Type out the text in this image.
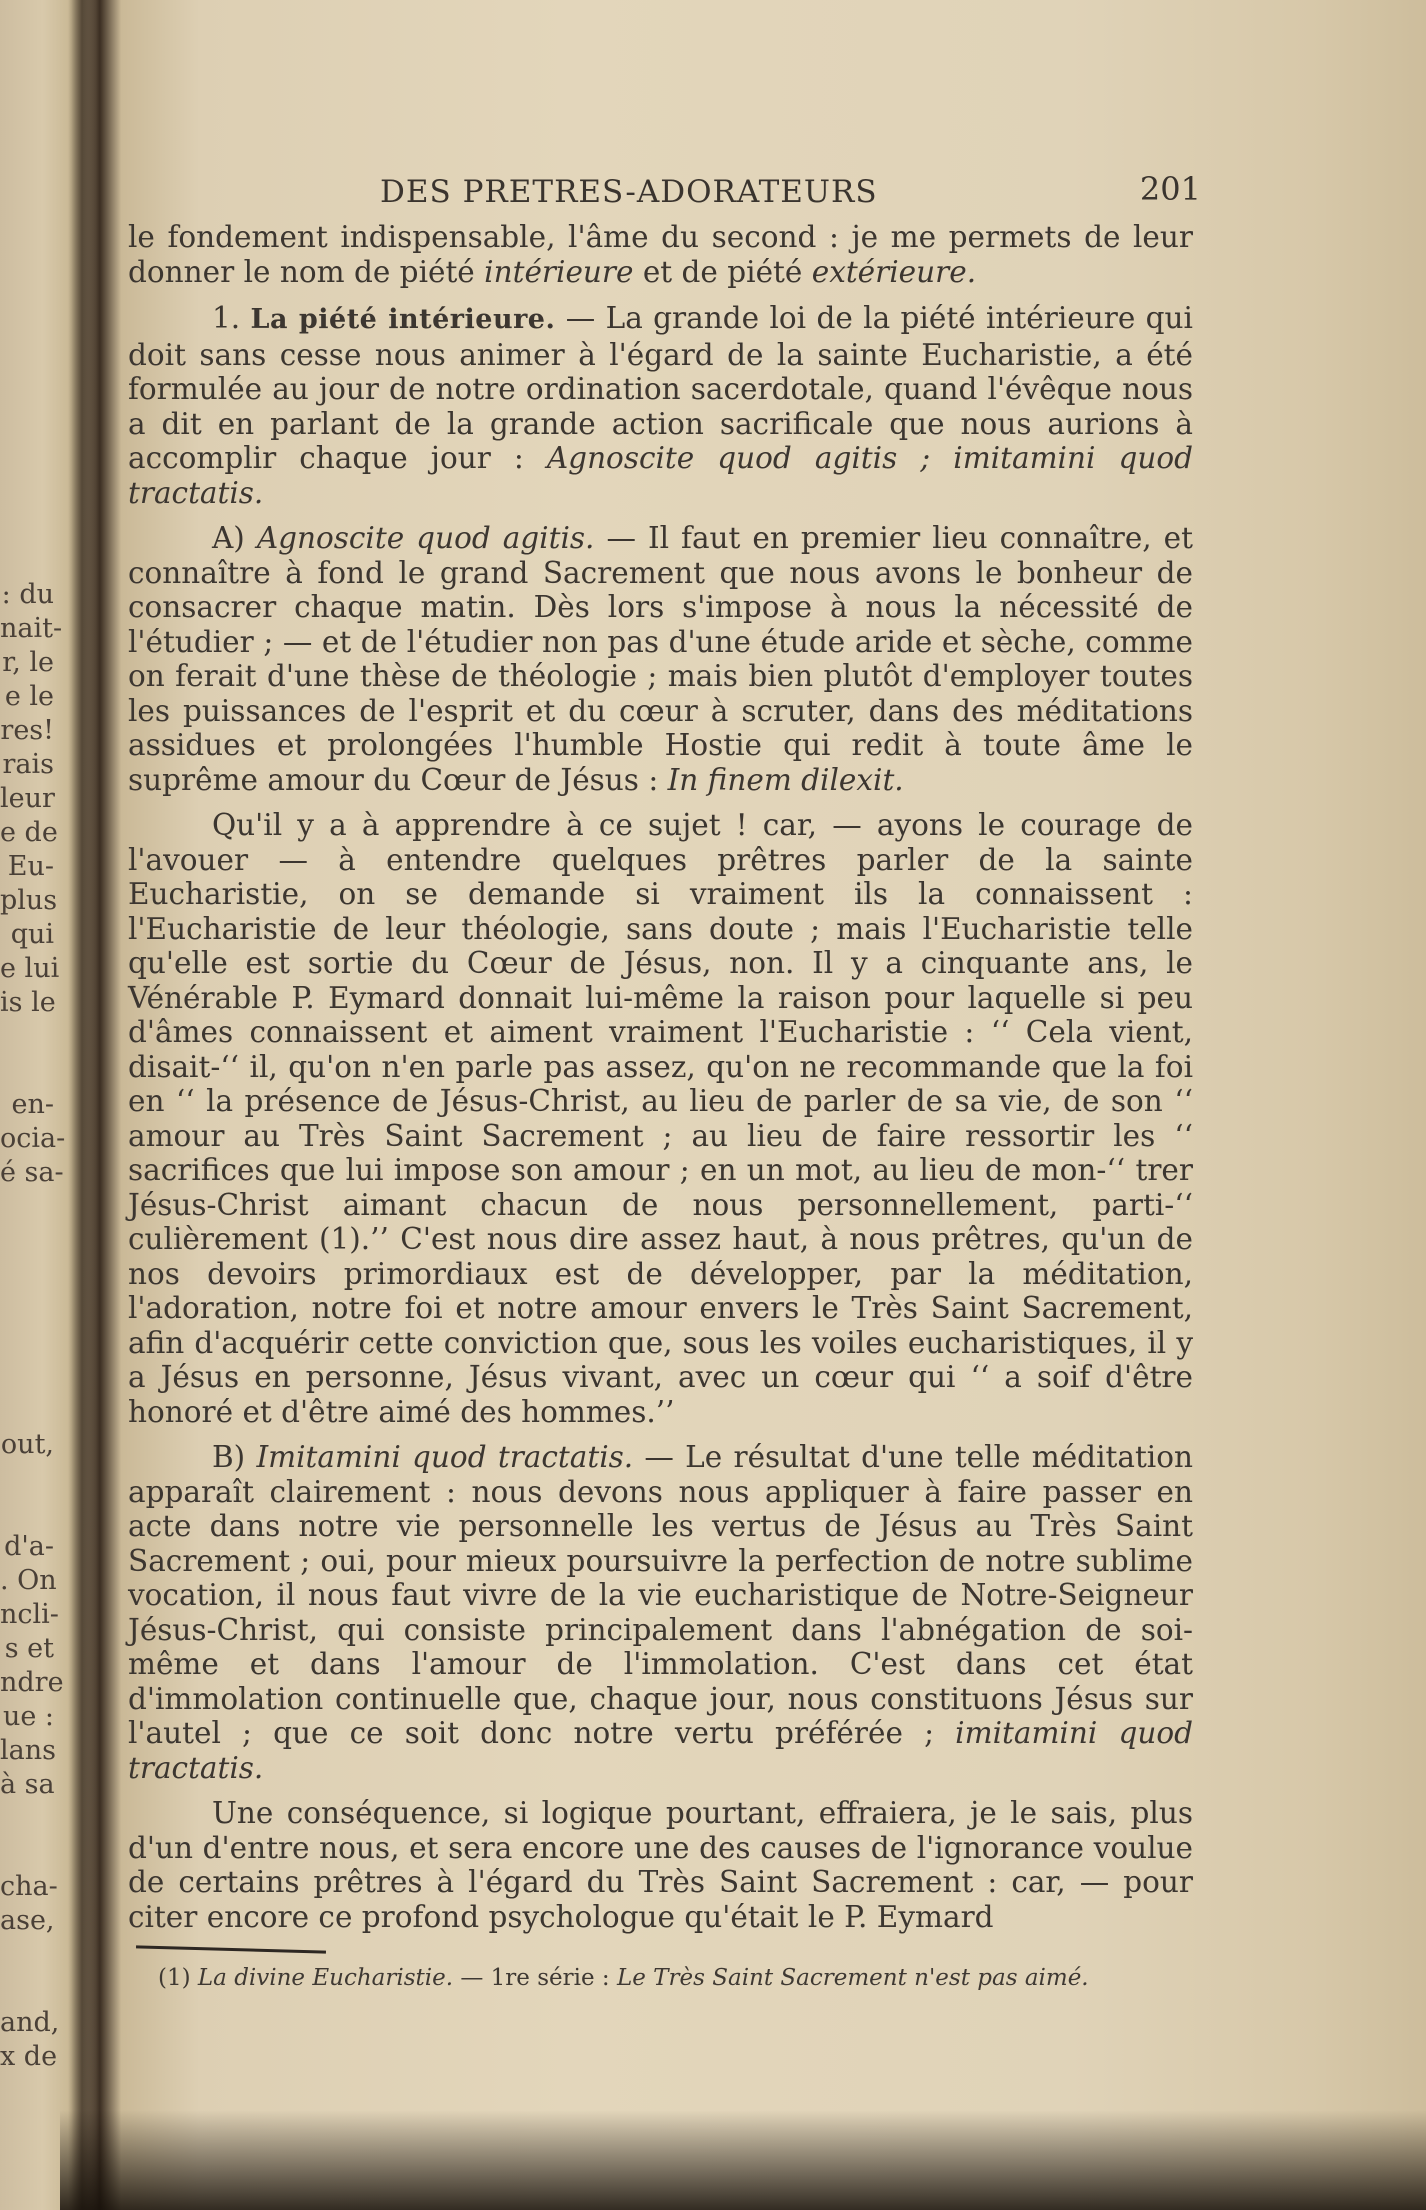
: du
nait-
r, le
e le
res!
rais
leur
e de
Eu-
plus
qui
e lui
is le
en-
ocia-
é sa-
out,
d'a-
. On
ncli-
s et
ndre
ue :
lans
à sa
cha-
ase,
and,
x de
DES PRETRES-ADORATEURS	201

le fondement indispensable, l'âme du second : je me permets de leur donner le nom de piété intérieure et de piété extérieure.

1. La piété intérieure. — La grande loi de la piété intérieure qui doit sans cesse nous animer à l'égard de la sainte Eucharistie, a été formulée au jour de notre ordination sacerdotale, quand l'évêque nous a dit en parlant de la grande action sacrificale que nous aurions à accomplir chaque jour : Agnoscite quod agitis ; imitamini quod tractatis.

A) Agnoscite quod agitis. — Il faut en premier lieu connaître, et connaître à fond le grand Sacrement que nous avons le bonheur de consacrer chaque matin. Dès lors s'impose à nous la nécessité de l'étudier ; — et de l'étudier non pas d'une étude aride et sèche, comme on ferait d'une thèse de théologie ; mais bien plutôt d'employer toutes les puissances de l'esprit et du cœur à scruter, dans des méditations assidues et prolongées l'humble Hostie qui redit à toute âme le suprême amour du Cœur de Jésus : In finem dilexit.

Qu'il y a à apprendre à ce sujet ! car, — ayons le courage de l'avouer — à entendre quelques prêtres parler de la sainte Eucharistie, on se demande si vraiment ils la connaissent : l'Eucharistie de leur théologie, sans doute ; mais l'Eucharistie telle qu'elle est sortie du Cœur de Jésus, non. Il y a cinquante ans, le Vénérable P. Eymard donnait lui-même la raison pour laquelle si peu d'âmes connaissent et aiment vraiment l'Eucharistie : ‘‘ Cela vient, disait-‘‘ il, qu'on n'en parle pas assez, qu'on ne recommande que la foi en ‘‘ la présence de Jésus-Christ, au lieu de parler de sa vie, de son ‘‘ amour au Très Saint Sacrement ; au lieu de faire ressortir les ‘‘ sacrifices que lui impose son amour ; en un mot, au lieu de mon-‘‘ trer Jésus-Christ aimant chacun de nous personnellement, parti-‘‘ culièrement (1).’’ C'est nous dire assez haut, à nous prêtres, qu'un de nos devoirs primordiaux est de développer, par la méditation, l'adoration, notre foi et notre amour envers le Très Saint Sacrement, afin d'acquérir cette conviction que, sous les voiles eucharistiques, il y a Jésus en personne, Jésus vivant, avec un cœur qui ‘‘ a soif d'être honoré et d'être aimé des hommes.’’

B) Imitamini quod tractatis. — Le résultat d'une telle méditation apparaît clairement : nous devons nous appliquer à faire passer en acte dans notre vie personnelle les vertus de Jésus au Très Saint Sacrement ; oui, pour mieux poursuivre la perfection de notre sublime vocation, il nous faut vivre de la vie eucharistique de Notre-Seigneur Jésus-Christ, qui consiste principalement dans l'abnégation de soi-même et dans l'amour de l'immolation. C'est dans cet état d'immolation continuelle que, chaque jour, nous constituons Jésus sur l'autel ; que ce soit donc notre vertu préférée ; imitamini quod tractatis.

Une conséquence, si logique pourtant, effraiera, je le sais, plus d'un d'entre nous, et sera encore une des causes de l'ignorance voulue de certains prêtres à l'égard du Très Saint Sacrement : car, — pour citer encore ce profond psychologue qu'était le P. Eymard

(1) La divine Eucharistie. — 1re série : Le Très Saint Sacrement n'est pas aimé.
